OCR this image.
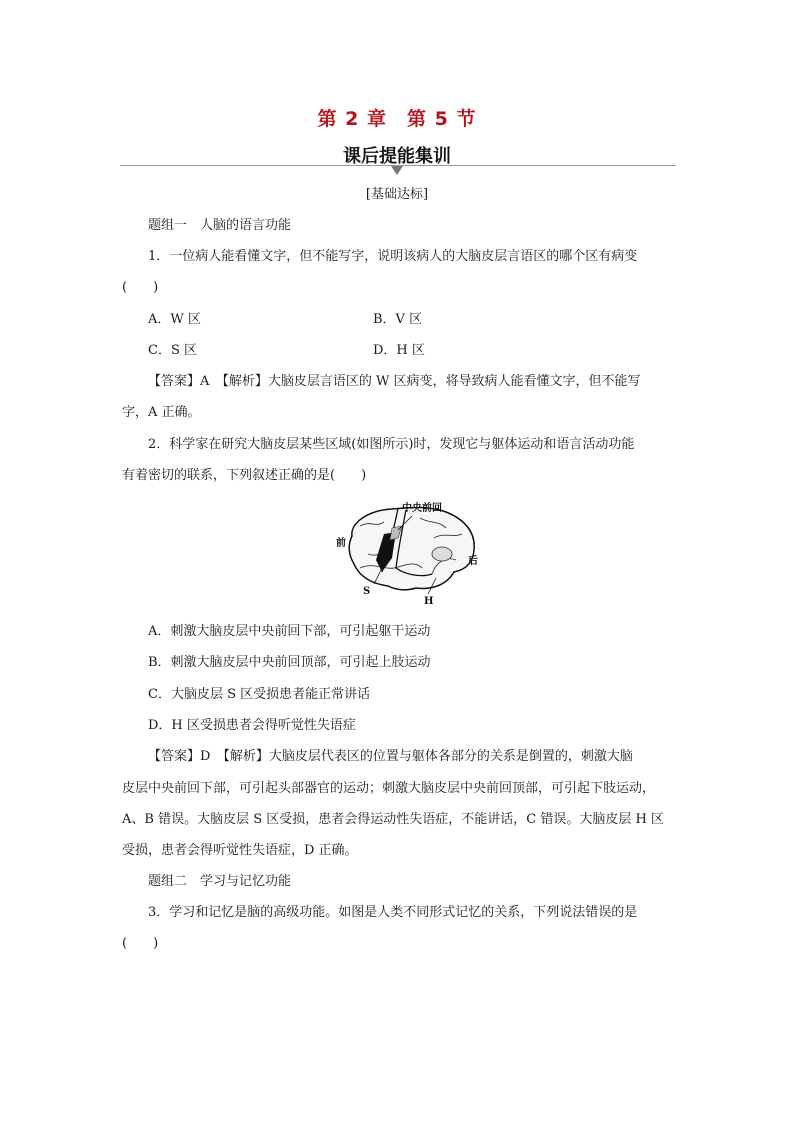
第 2 章　第 5 节
课后提能集训
[基础达标]
题组一　人脑的语言功能
1．一位病人能看懂文字，但不能写字，说明该病人的大脑皮层言语区的哪个区有病变
(　　)
A．W 区	B．V 区
C．S 区	D．H 区
【答案】A　【解析】大脑皮层言语区的 W 区病变，将导致病人能看懂文字，但不能写
字，A 正确。
2．科学家在研究大脑皮层某些区域(如图所示)时，发现它与躯体运动和语言活动功能
有着密切的联系，下列叙述正确的是(　　)
中央前回
前
后
S
H
A．刺激大脑皮层中央前回下部，可引起躯干运动
B．刺激大脑皮层中央前回顶部，可引起上肢运动
C．大脑皮层 S 区受损患者能正常讲话
D．H 区受损患者会得听觉性失语症
【答案】D　【解析】大脑皮层代表区的位置与躯体各部分的关系是倒置的，刺激大脑
皮层中央前回下部，可引起头部器官的运动；刺激大脑皮层中央前回顶部，可引起下肢运动，
A、B 错误。大脑皮层 S 区受损，患者会得运动性失语症，不能讲话，C 错误。大脑皮层 H 区
受损，患者会得听觉性失语症，D 正确。
题组二　学习与记忆功能
3．学习和记忆是脑的高级功能。如图是人类不同形式记忆的关系，下列说法错误的是
(　　)
